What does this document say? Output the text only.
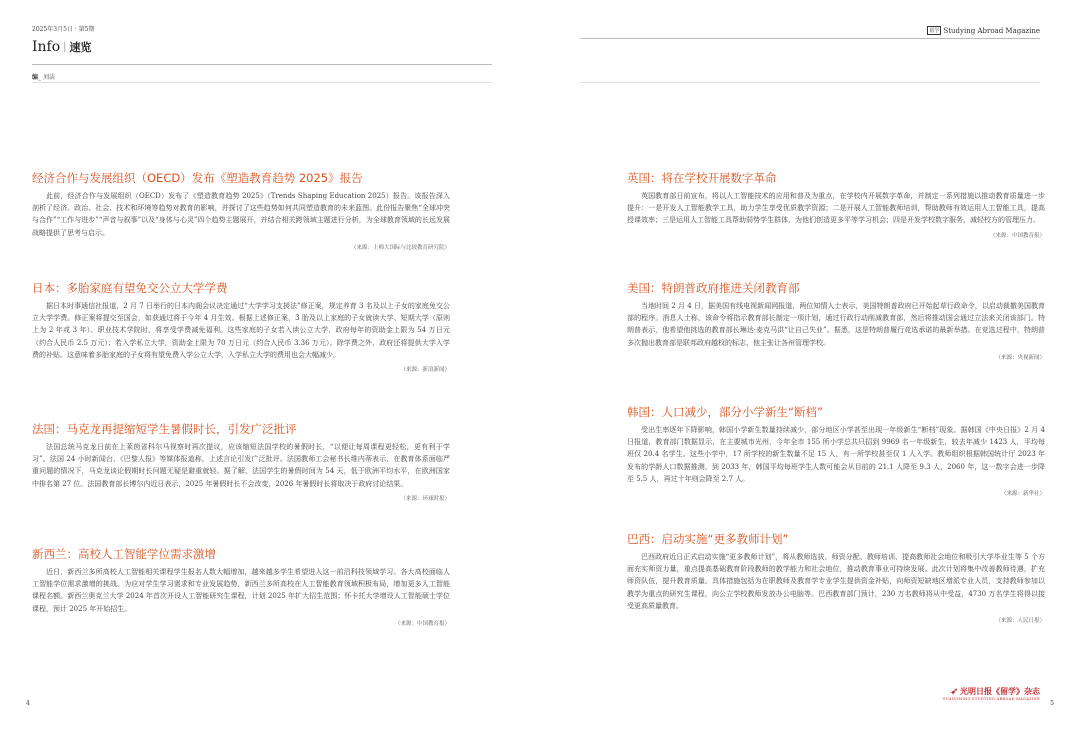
2025年3月5日 · 第5期
Info | 速览
编_ 刘洁
经济合作与发展组织（OECD）发布《塑造教育趋势 2025》报告

此前，经济合作与发展组织（OECD）发布了《塑造教育趋势 2025》（Trends Shaping Education 2025）报告。该报告深入剖析了经济、政治、社会、技术和环境等趋势对教育的影响，并探讨了这些趋势如何共同塑造教育的未来蓝图。此份报告聚焦“全球冲突与合作”“工作与进步”“声音与叙事”以及“身体与心灵”四个趋势主题展开，并结合相关跨领域主题进行分析，为全球教育领域的长远发展战略提供了思考与启示。

（来源：上师大国际与比较教育研究院）
日本：多胎家庭有望免交公立大学学费

据日本时事通信社报道，2 月 7 日举行的日本内阁会议决定通过“大学学习支援法”修正案，规定养育 3 名及以上子女的家庭免交公立大学学费。修正案将提交至国会，如获通过将于今年 4 月生效。根据上述修正案，3 胎及以上家庭的子女就读大学、短期大学（原则上为 2 年或 3 年）、职业技术学院时，将享受学费减免福利。这些家庭的子女若入读公立大学，政府每年的资助金上限为 54 万日元（约合人民币 2.5 万元）；若入学私立大学，资助金上限为 70 万日元（约合人民币 3.36 万元）。除学费之外，政府还将提供大学入学费的补贴。这意味着多胎家庭的子女将有望免费入学公立大学，入学私立大学的费用也会大幅减少。

（来源：新浪新闻）
法国：马克龙再提缩短学生暑假时长，引发广泛批评

法国总统马克龙日前在上莱茵省科尔马视察时再次提议，应该缩短法国学校的暑假时长，“以便让每周课程更轻松，更有利于学习”。法国 24 小时新闻台、《巴黎人报》等媒体报道称，上述言论引发广泛批评。法国教师工会秘书长维内蒂表示，在教育体系面临严重问题的情况下，马克龙谈论假期时长问题无疑是避重就轻。据了解，法国学生的暑假时间为 54 天，低于欧洲平均水平，在欧洲国家中排名第 27 位。法国教育部长博尔内近日表示，2025 年暑假时长不会改变，2026 年暑假时长将取决于政府讨论结果。

（来源：环球时报）
新西兰：高校人工智能学位需求激增

近日，新西兰多所高校人工智能相关课程学生报名人数大幅增加，越来越多学生希望进入这一前沿科技领域学习。各大高校面临人工智能学位需求激增的挑战。为应对学生学习需求和专业发展趋势，新西兰多所高校在人工智能教育领域积极布局，增加更多人工智能课程名额。新西兰奥克兰大学 2024 年首次开设人工智能研究生课程，计划 2025 年扩大招生范围；怀卡托大学增设人工智能硕士学位课程，预计 2025 年开始招生。

（来源：中国教育报）
4
留学 Studying Abroad Magazine
英国：将在学校开展数字革命

英国教育部日前宣布，将以人工智能技术的应用和普及为重点，在学校内开展数字革命，并制定一系列措施以推动教育质量进一步提升：一是开发人工智能教学工具，助力学生享受优质教学资源；二是开展人工智能教师培训，帮助教师有效运用人工智能工具，提高授课效率；三是运用人工智能工具帮助弱势学生群体，为他们创造更多平等学习机会；四是开发学校数字服务，减轻校方的管理压力。

（来源：中国教育报）
美国：特朗普政府推进关闭教育部

当地时间 2 月 4 日，据美国有线电视新闻网报道，两位知情人士表示，美国特朗普政府已开始起草行政命令，以启动裁撤美国教育部的程序。消息人士称，该命令将指示教育部长制定一项计划，通过行政行动削减教育部，然后将推动国会通过立法来关闭该部门。特朗普表示，他希望他挑选的教育部长琳达·麦克马洪“让自己失业”。据悉，这是特朗普履行竞选承诺的最新举措。在竞选过程中，特朗普多次抛出教育部是联邦政府越权的标志，他主张让各州管理学校。

（来源：央视新闻）
韩国：人口减少，部分小学新生“断档”

受出生率逐年下降影响，韩国小学新生数量持续减少，部分地区小学甚至出现一年级新生“断档”现象。据韩国《中央日报》2 月 4 日报道，教育部门数据显示，在主要城市光州，今年全市 155 所小学总共只招到 9969 名一年级新生，较去年减少 1423 人，平均每班仅 20.4 名学生。这些小学中，17 所学校的新生数量不足 15 人，有一所学校甚至仅 1 人入学。教师组织根据韩国统计厅 2023 年发布的学龄人口数据推测，到 2033 年，韩国平均每班学生人数可能会从目前的 21.1 人降至 9.3 人，2060 年，这一数字会进一步降至 5.5 人，再过十年则会降至 2.7 人。

（来源：新华社）
巴西：启动实施“更多教师计划”

巴西政府近日正式启动实施“更多教师计划”，将从教师选拔、师资分配、教师培训、提高教师社会地位和吸引大学毕业生等 5 个方面充实师资力量，重点提高基础教育阶段教师的教学能力和社会地位，推动教育事业可持续发展。此次计划将集中改善教师待遇，扩充师资队伍，提升教育质量。具体措施包括为在职教师及教育学专业学生提供资金补贴，向师资短缺地区增派专业人员，支持教师参加以教学为重点的研究生课程，向公立学校教师发放办公电脑等。巴西教育部门预计，230 万名教师将从中受益，4730 万名学生将得以接受更高质量教育。

（来源：人民日报）
➶ 光明日报《留学》杂志
GUANGMING STUDYING ABROAD MAGAZINE
5
